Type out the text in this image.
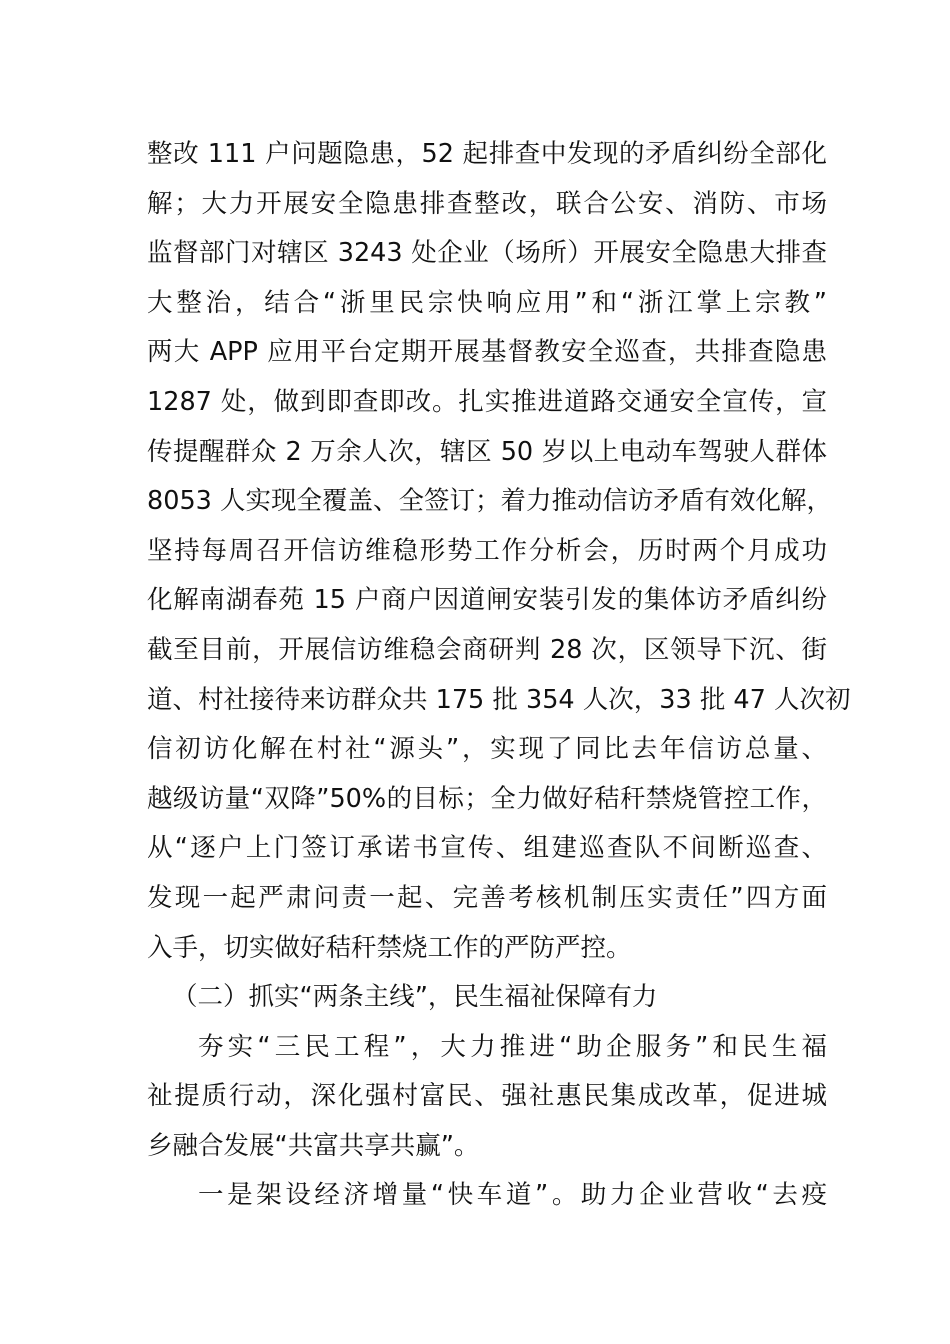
整改 111 户问题隐患，52 起排查中发现的矛盾纠纷全部化
解；大力开展安全隐患排查整改，联合公安、消防、市场
监督部门对辖区 3243 处企业（场所）开展安全隐患大排查
大整治，结合“浙里民宗快响应用”和“浙江掌上宗教”
两大 APP 应用平台定期开展基督教安全巡查，共排查隐患
1287 处，做到即查即改。扎实推进道路交通安全宣传，宣
传提醒群众 2 万余人次，辖区 50 岁以上电动车驾驶人群体
8053 人实现全覆盖、全签订；着力推动信访矛盾有效化解，
坚持每周召开信访维稳形势工作分析会，历时两个月成功
化解南湖春苑 15 户商户因道闸安装引发的集体访矛盾纠纷
截至目前，开展信访维稳会商研判 28 次，区领导下沉、街
道、村社接待来访群众共 175 批 354 人次，33 批 47 人次初
信初访化解在村社“源头”，实现了同比去年信访总量、
越级访量“双降”50%的目标；全力做好秸秆禁烧管控工作，
从“逐户上门签订承诺书宣传、组建巡查队不间断巡查、
发现一起严肃问责一起、完善考核机制压实责任”四方面
入手，切实做好秸秆禁烧工作的严防严控。
（二）抓实“两条主线”，民生福祉保障有力
夯实“三民工程”，大力推进“助企服务”和民生福
祉提质行动，深化强村富民、强社惠民集成改革，促进城
乡融合发展“共富共享共赢”。
一是架设经济增量“快车道”。助力企业营收“去疫
